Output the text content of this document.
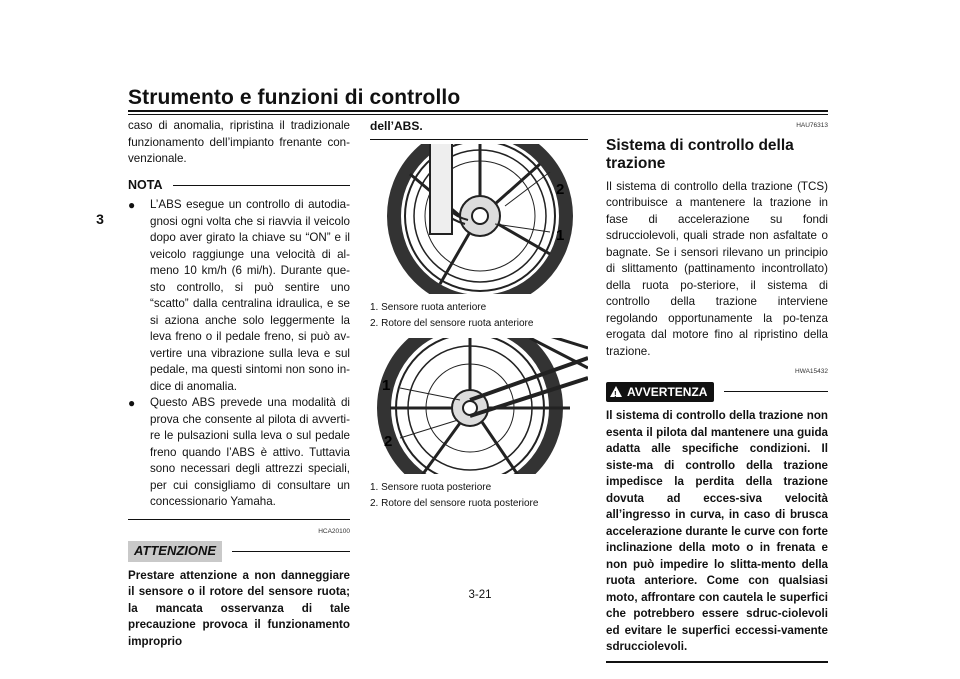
Strumento e funzioni di controllo
3
caso di anomalia, ripristina il tradizionale funzionamento dell’impianto frenante con-venzionale.
NOTA
● L’ABS esegue un controllo di autodia-gnosi ogni volta che si riavvia il veicolo dopo aver girato la chiave su “ON” e il veicolo raggiunge una velocità di al-meno 10 km/h (6 mi/h). Durante que-sto controllo, si può sentire uno “scatto” dalla centralina idraulica, e se si aziona anche solo leggermente la leva freno o il pedale freno, si può av-vertire una vibrazione sulla leva e sul pedale, ma questi sintomi non sono in-dice di anomalia.
● Questo ABS prevede una modalità di prova che consente al pilota di avverti-re le pulsazioni sulla leva o sul pedale freno quando l’ABS è attivo. Tuttavia sono necessari degli attrezzi speciali, per cui consigliamo di consultare un concessionario Yamaha.
HCA20100
ATTENZIONE
Prestare attenzione a non danneggiare il sensore o il rotore del sensore ruota; la mancata osservanza di tale precauzione provoca il funzionamento improprio
dell’ABS.
2
1
1. Sensore ruota anteriore
2. Rotore del sensore ruota anteriore
1
2
1. Sensore ruota posteriore
2. Rotore del sensore ruota posteriore
HAU76313
Sistema di controllo della trazione
Il sistema di controllo della trazione (TCS) contribuisce a mantenere la trazione in fase di accelerazione su fondi sdrucciolevoli, quali strade non asfaltate o bagnate. Se i sensori rilevano un principio di slittamento (pattinamento incontrollato) della ruota po-steriore, il sistema di controllo della trazione interviene regolando opportunamente la po-tenza erogata dal motore fino al ripristino della trazione.
HWA15432
!
AVVERTENZA
Il sistema di controllo della trazione non esenta il pilota dal mantenere una guida adatta alle specifiche condizioni. Il siste-ma di controllo della trazione impedisce la perdita della trazione dovuta ad ecces-siva velocità all’ingresso in curva, in caso di brusca accelerazione durante le curve con forte inclinazione della moto o in frenata e non può impedire lo slitta-mento della ruota anteriore. Come con qualsiasi moto, affrontare con cautela le superfici che potrebbero essere sdruc-ciolevoli ed evitare le superfici eccessi-vamente sdrucciolevoli.
3-21
